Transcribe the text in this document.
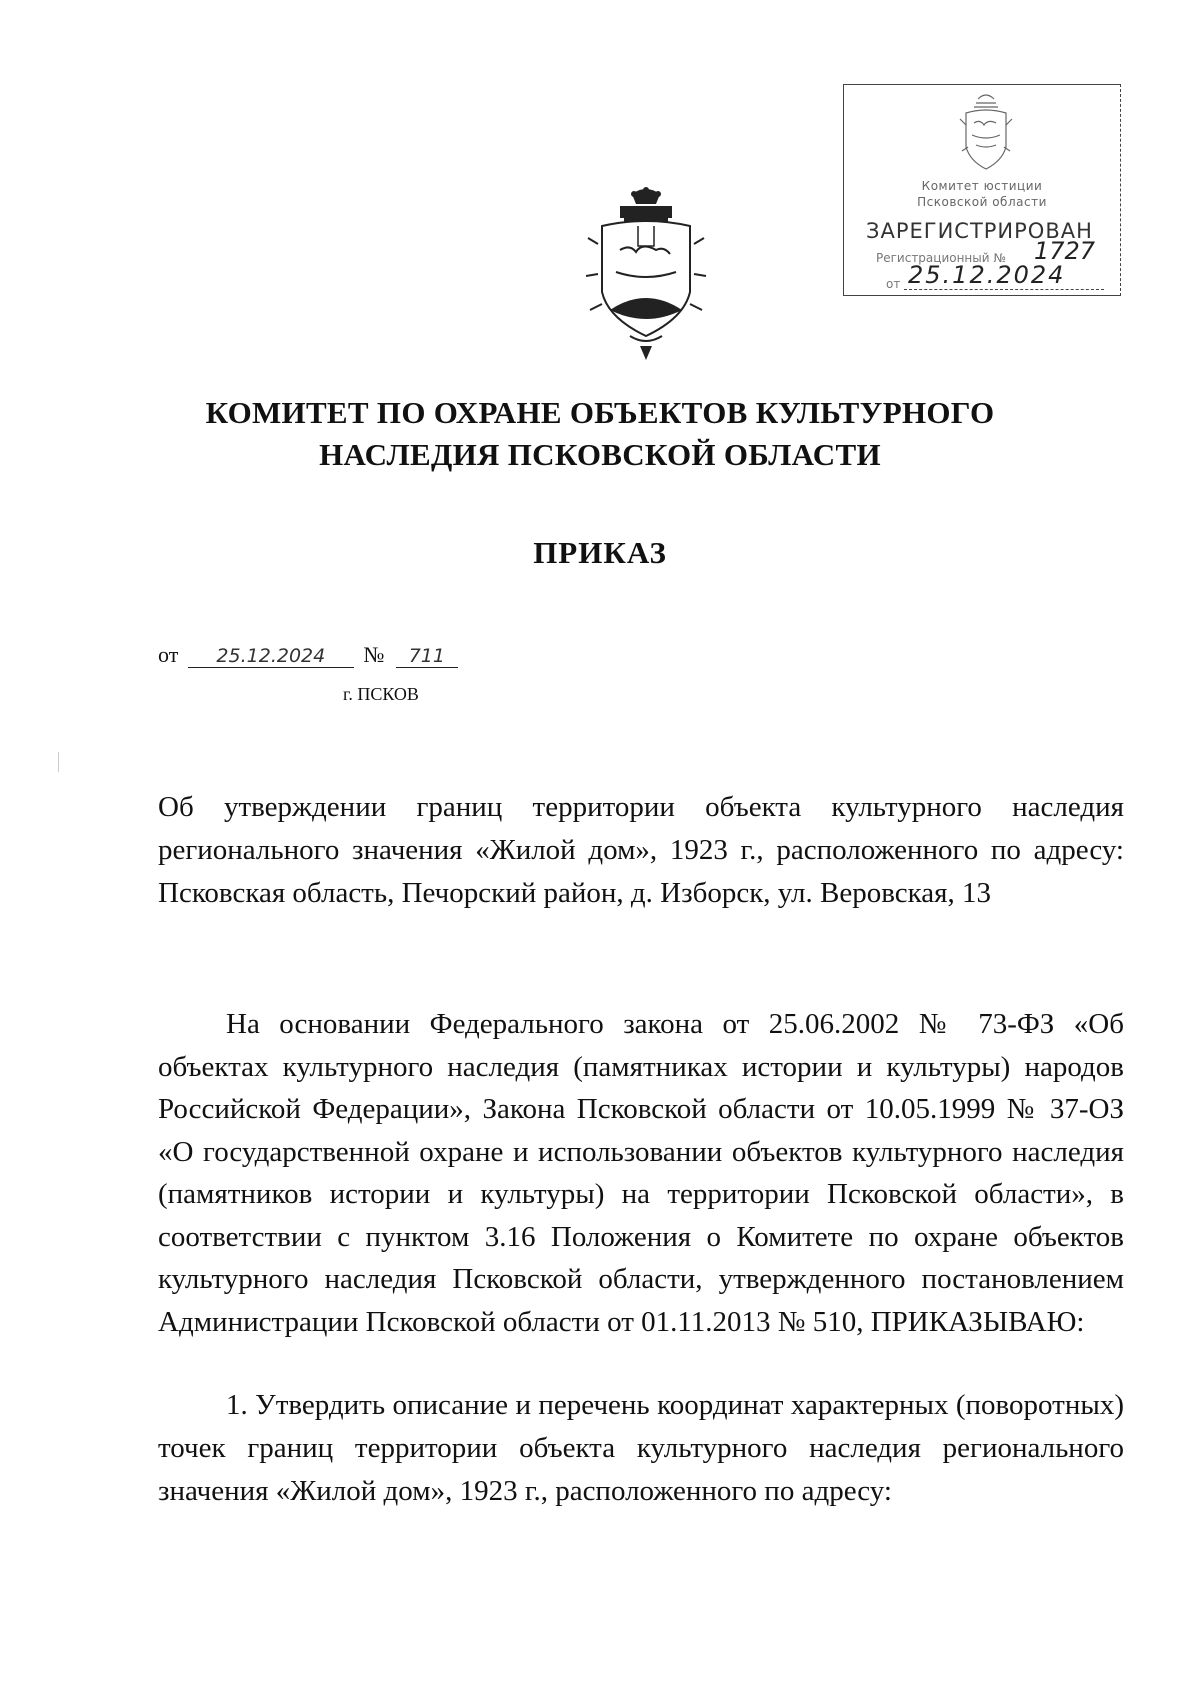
Комитет юстиции
Псковской области
ЗАРЕГИСТРИРОВАН
Регистрационный № 1727
от 25.12.2024
КОМИТЕТ ПО ОХРАНЕ ОБЪЕКТОВ КУЛЬТУРНОГО
НАСЛЕДИЯ ПСКОВСКОЙ ОБЛАСТИ
ПРИКАЗ
от 25.12.2024 № 711
г. ПСКОВ
Об утверждении границ территории объекта культурного наследия регионального значения «Жилой дом», 1923 г., расположенного по адресу: Псковская область, Печорский район, д. Изборск, ул. Веровская, 13
На основании Федерального закона от 25.06.2002 № 73-ФЗ «Об объектах культурного наследия (памятниках истории и культуры) народов Российской Федерации», Закона Псковской области от 10.05.1999 № 37-ОЗ «О государственной охране и использовании объектов культурного наследия (памятников истории и культуры) на территории Псковской области», в соответствии с пунктом 3.16 Положения о Комитете по охране объектов культурного наследия Псковской области, утвержденного постановлением Администрации Псковской области от 01.11.2013 № 510, ПРИКАЗЫВАЮ:
1. Утвердить описание и перечень координат характерных (поворотных) точек границ территории объекта культурного наследия регионального значения «Жилой дом», 1923 г., расположенного по адресу:
